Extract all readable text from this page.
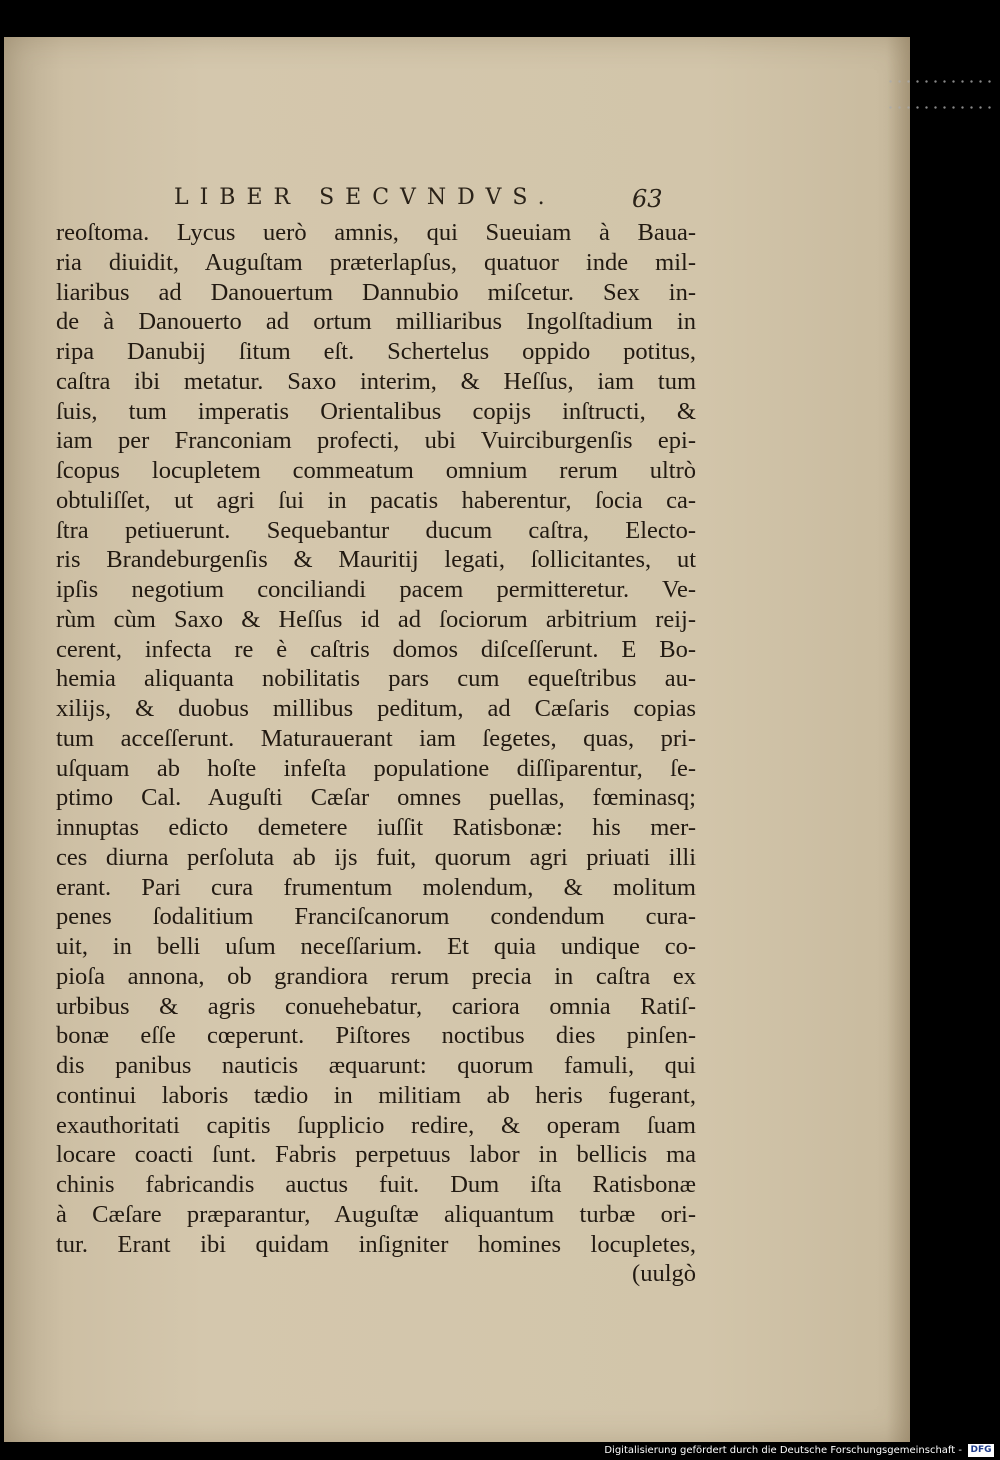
LIBER SECVNDVS.	63
reoſtoma. Lycus uerò amnis, qui Sueuiam à Baua-
ria diuidit, Auguſtam præterlapſus, quatuor inde mil-
liaribus ad Danouertum Dannubio miſcetur. Sex in-
de à Danouerto ad ortum milliaribus Ingolſtadium in
ripa Danubij ſitum eſt. Schertelus oppido potitus,
caſtra ibi metatur. Saxo interim, & Heſſus, iam tum
ſuis, tum imperatis Orientalibus copijs inſtructi, &
iam per Franconiam profecti, ubi Vuirciburgenſis epi-
ſcopus locupletem commeatum omnium rerum ultrò
obtuliſſet, ut agri ſui in pacatis haberentur, ſocia ca-
ſtra petiuerunt. Sequebantur ducum caſtra, Electo-
ris Brandeburgenſis & Mauritij legati, ſollicitantes, ut
ipſis negotium conciliandi pacem permitteretur. Ve-
rùm cùm Saxo & Heſſus id ad ſociorum arbitrium reij-
cerent, infecta re è caſtris domos diſceſſerunt. E Bo-
hemia aliquanta nobilitatis pars cum equeſtribus au-
xilijs, & duobus millibus peditum, ad Cæſaris copias
tum acceſſerunt. Maturauerant iam ſegetes, quas, pri-
uſquam ab hoſte infeſta populatione diſſiparentur, ſe-
ptimo Cal. Auguſti Cæſar omnes puellas, fœminasq;
innuptas edicto demetere iuſſit Ratisbonæ: his mer-
ces diurna perſoluta ab ijs fuit, quorum agri priuati illi
erant. Pari cura frumentum molendum, & molitum
penes ſodalitium Franciſcanorum condendum cura-
uit, in belli uſum neceſſarium. Et quia undique co-
pioſa annona, ob grandiora rerum precia in caſtra ex
urbibus & agris conuehebatur, cariora omnia Ratiſ-
bonæ eſſe cœperunt. Piſtores noctibus dies pinſen-
dis panibus nauticis æquarunt: quorum famuli, qui
continui laboris tædio in militiam ab heris fugerant,
exauthoritati capitis ſupplicio redire, & operam ſuam
locare coacti ſunt. Fabris perpetuus labor in bellicis ma
chinis fabricandis auctus fuit. Dum iſta Ratisbonæ
à Cæſare præparantur, Auguſtæ aliquantum turbæ ori-
tur. Erant ibi quidam inſigniter homines locupletes,
(uulgò
Digitalisierung gefördert durch die Deutsche Forschungsgemeinschaft - DFG
